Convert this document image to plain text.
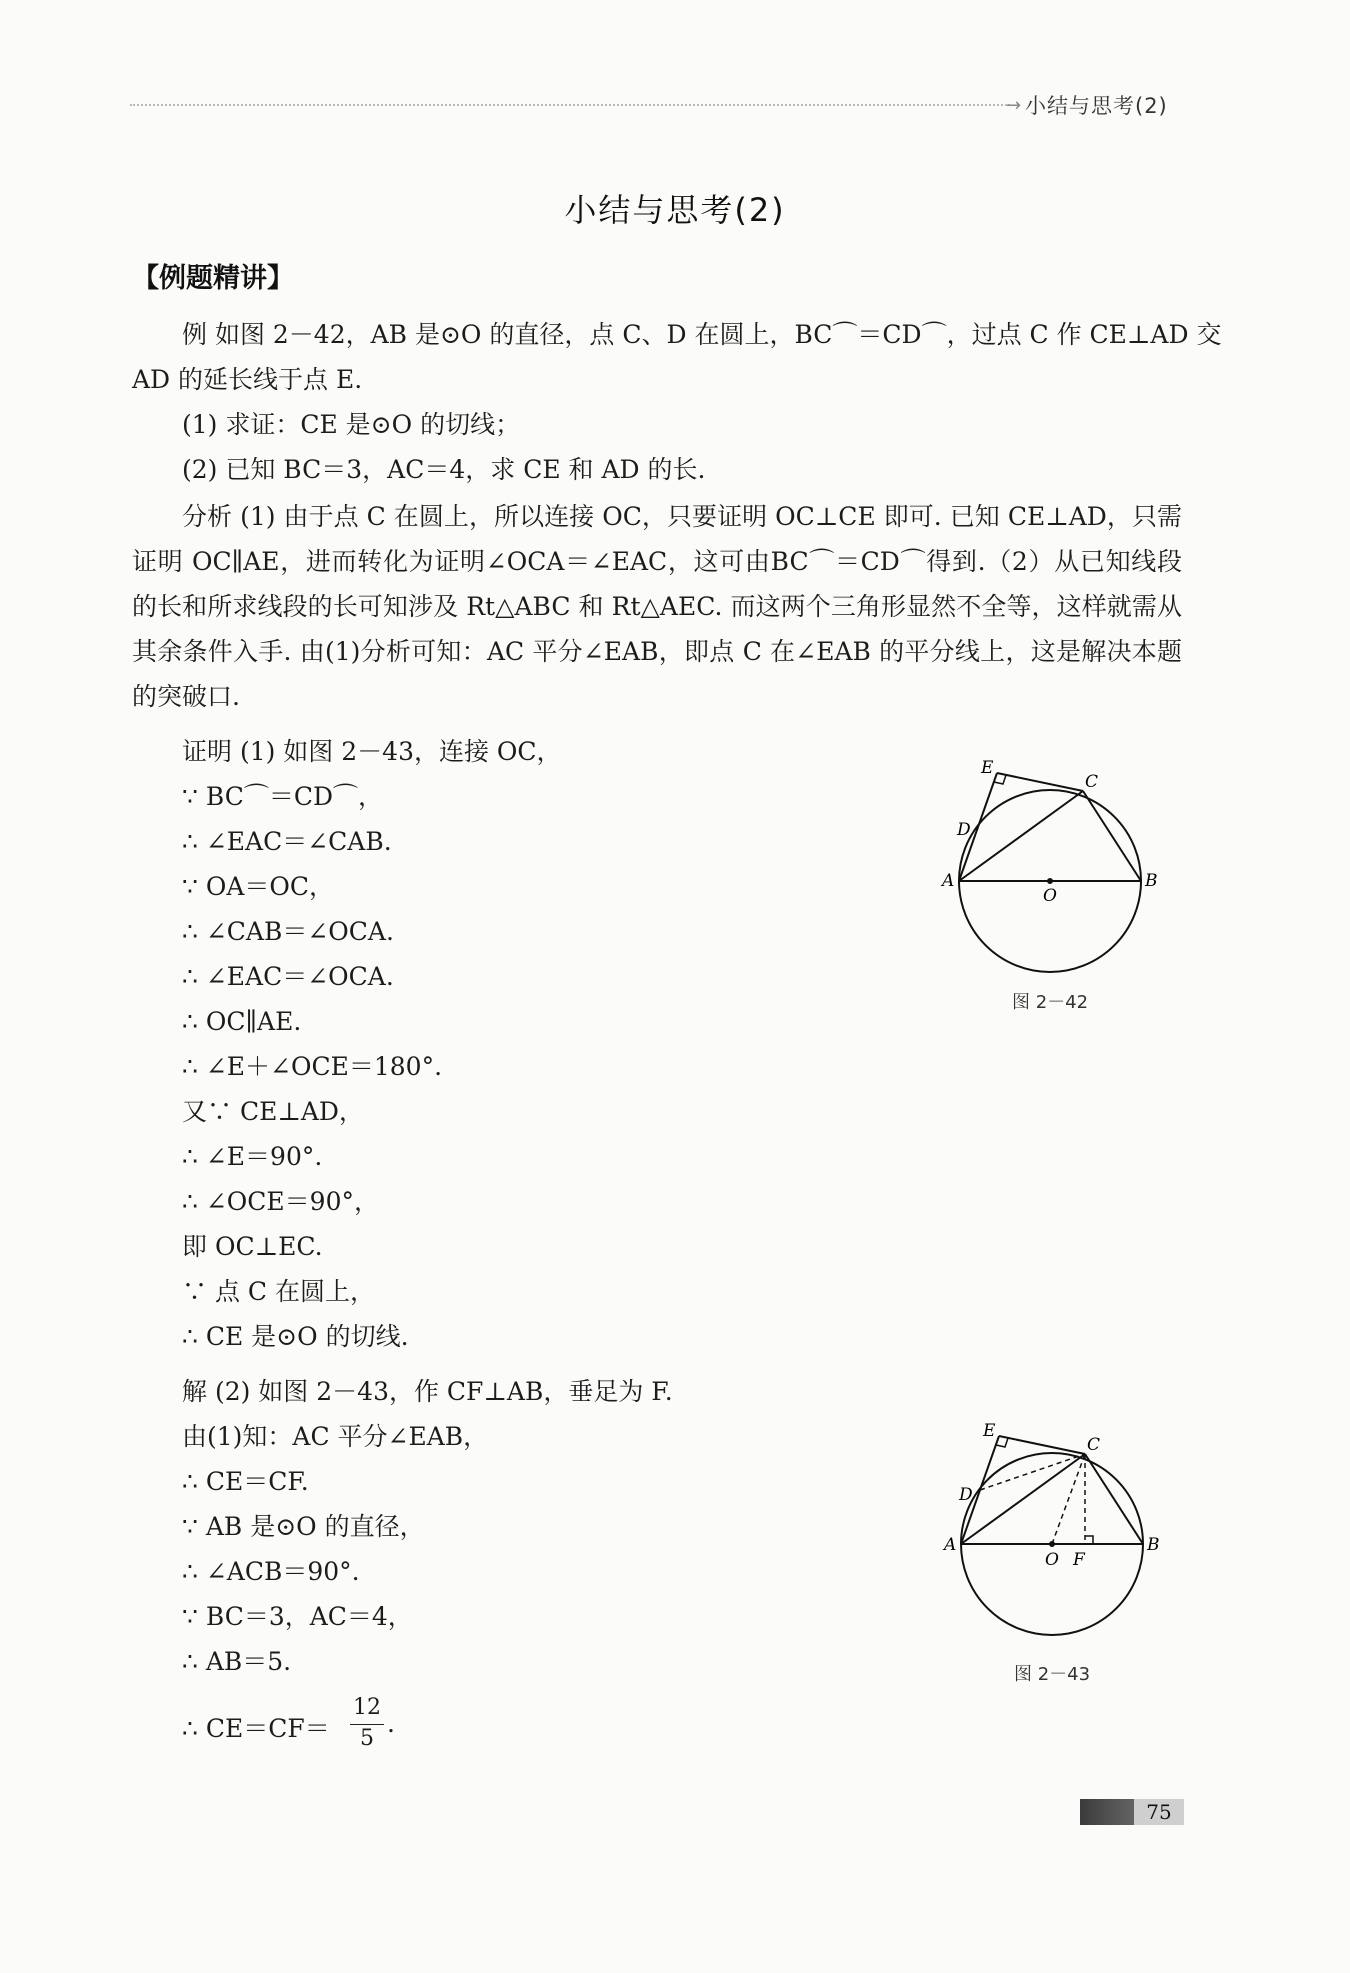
→ 小结与思考(2)
小结与思考(2)
【例题精讲】
例 如图 2－42，AB 是⊙O 的直径，点 C、D 在圆上，BC⌒＝CD⌒，过点 C 作 CE⊥AD 交
AD 的延长线于点 E.
(1) 求证：CE 是⊙O 的切线；
(2) 已知 BC＝3，AC＝4，求 CE 和 AD 的长.
分析 (1) 由于点 C 在圆上，所以连接 OC，只要证明 OC⊥CE 即可. 已知 CE⊥AD，只需证明 OC∥AE，进而转化为证明∠OCA＝∠EAC，这可由BC⌒＝CD⌒得到.（2）从已知线段的长和所求线段的长可知涉及 Rt△ABC 和 Rt△AEC. 而这两个三角形显然不全等，这样就需从其余条件入手. 由(1)分析可知：AC 平分∠EAB，即点 C 在∠EAB 的平分线上，这是解决本题的突破口.
证明 (1) 如图 2－43，连接 OC，
∵ BC⌒＝CD⌒，
∴ ∠EAC＝∠CAB.
∵ OA＝OC，
∴ ∠CAB＝∠OCA.
∴ ∠EAC＝∠OCA.
∴ OC∥AE.
∴ ∠E＋∠OCE＝180°.
又∵ CE⊥AD，
∴ ∠E＝90°.
∴ ∠OCE＝90°，
即 OC⊥EC.
∵ 点 C 在圆上，
∴ CE 是⊙O 的切线.
解 (2) 如图 2－43，作 CF⊥AB，垂足为 F.
由(1)知：AC 平分∠EAB，
∴ CE＝CF.
∵ AB 是⊙O 的直径，
∴ ∠ACB＝90°.
∵ BC＝3，AC＝4，
∴ AB＝5.
∴ CE＝CF＝
12
5
.
E
C
D
A
O
B
图 2－42
E
C
D
A
O F
B
图 2－43
75
